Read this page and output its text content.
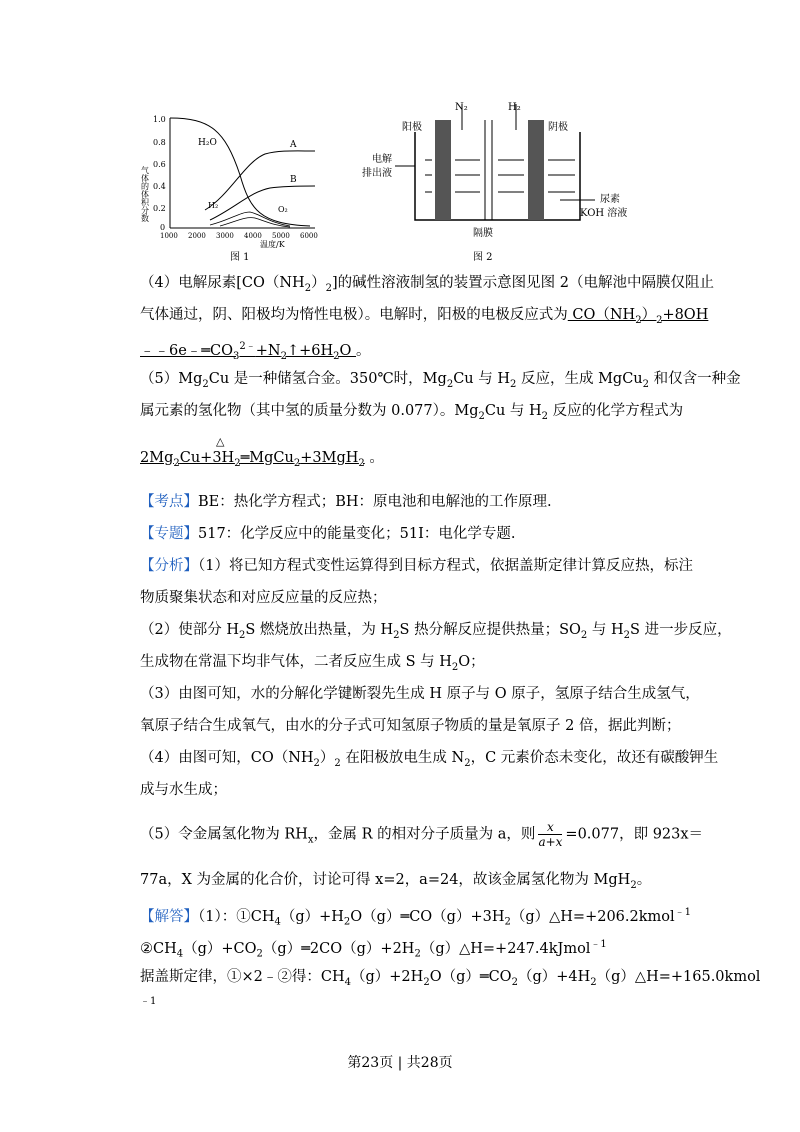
1.0
0.8
0.6
0.4
0.2
0
气体的体积分数
1000 2000 3000 4000 5000 6000
温度/K
图 1
H₂O	A
B
H₂	O₂
N₂	H₂
阳极	阴极
电解
排出液
尿素
KOH 溶液
隔膜
图 2
（4）电解尿素$[CO(NH_2)_2]$的碱性溶液制氢的装置示意图见图 2（电解池中隔膜仅阻止
气体通过，阴、阳极均为惰性电极）。电解时，阳极的电极反应式为 $CO(NH_2)_2+8OH$
$﹣﹣6e﹣═CO_3^{2﹣}+N_2↑+6H_2O$ 。
$(5)Mg_2Cu$ 是一种储氢合金。350℃时，$Mg_2Cu$ 与 $H_2$ 反应，生成 MgCu$_2$ 和仅含一种金
属元素的氢化物（其中氢的质量分数为 0.077）。$Mg_2Cu$ 与 $H_2$ 反应的化学方程式为
△
$2Mg_2Cu+3H_2═MgCu_2+3MgH_2$ 。
【考点】BE：热化学方程式；BH：原电池和电解池的工作原理.
【专题】517：化学反应中的能量变化；51I：电化学专题.
【分析】（1）将已知方程式变性运算得到目标方程式，依据盖斯定律计算反应热，标注
物质聚集状态和对应反应量的反应热；
（2）使部分 $H_2S$ 燃烧放出热量，为 $H_2S$ 热分解反应提供热量；$SO_2$ 与 $H_2S$ 进一步反应，
生成物在常温下均非气体，二者反应生成 S 与 $H_2O$；
（3）由图可知，水的分解化学键断裂先生成 H 原子与 O 原子，氢原子结合生成氢气，
氧原子结合生成氧气，由水的分子式可知氢原子物质的量是氧原子 2 倍，据此判断；
（4）由图可知，$CO(NH_2)_2$ 在阳极放电生成 $N_2$，C 元素价态未变化，故还有碳酸钾生
成与水生成；
（5）令金属氢化物为 $RH_x$，金属 R 的相对分子质量为 a，则 $\frac{x}{a+x} =0.077$，即 923x＝
77a，X 为金属的化合价，讨论可得 x=2，a=24，故该金属氢化物为 MgH$_2$。
【解答】（1）：$①CH_4(g)+H_2O(g)═CO(g)+3H_2(g)\triangle H=+206.2kmol^{﹣1}$
$②CH_4(g)+CO_2(g)═2CO(g)+2H_2(g)\triangle H=+247.4kJmol^{﹣1}$
据盖斯定律，①×2﹣②得：$CH_4(g)+2H_2O(g)═CO_2(g)+4H_2(g)\triangle H=+165.0kmol$
﹣1
第23页 | 共28页
